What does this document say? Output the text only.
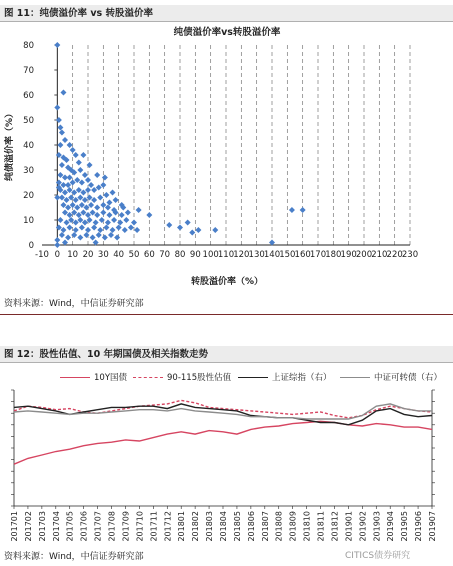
图 11：纯债溢价率 vs 转股溢价率
纯债溢价率vs转股溢价率
-10 0 10 20 30 40 50 60 70 80 90 100 110 120 130 140 150 160 170 180 190 200 210 220 230
0
10
20
30
40
50
60
70
80
纯债溢价率（%）
转股溢价率（%）
资料来源：Wind，中信证券研究部
图 12：股性估值、10 年期国债及相关指数走势
10Y国债	90-115股性估值	上证综指（右）	中证可转债（右）
201701 201702 201703 201704 201705 201706 201707 201708 201709 201710 201711 201712 201801 201802 201803 201804 201805 201806 201807 201808 201809 201810 201811 201812 201901 201902 201903 201904 201905 201906 201907
资料来源：Wind，中信证券研究部	CITICS债券研究
